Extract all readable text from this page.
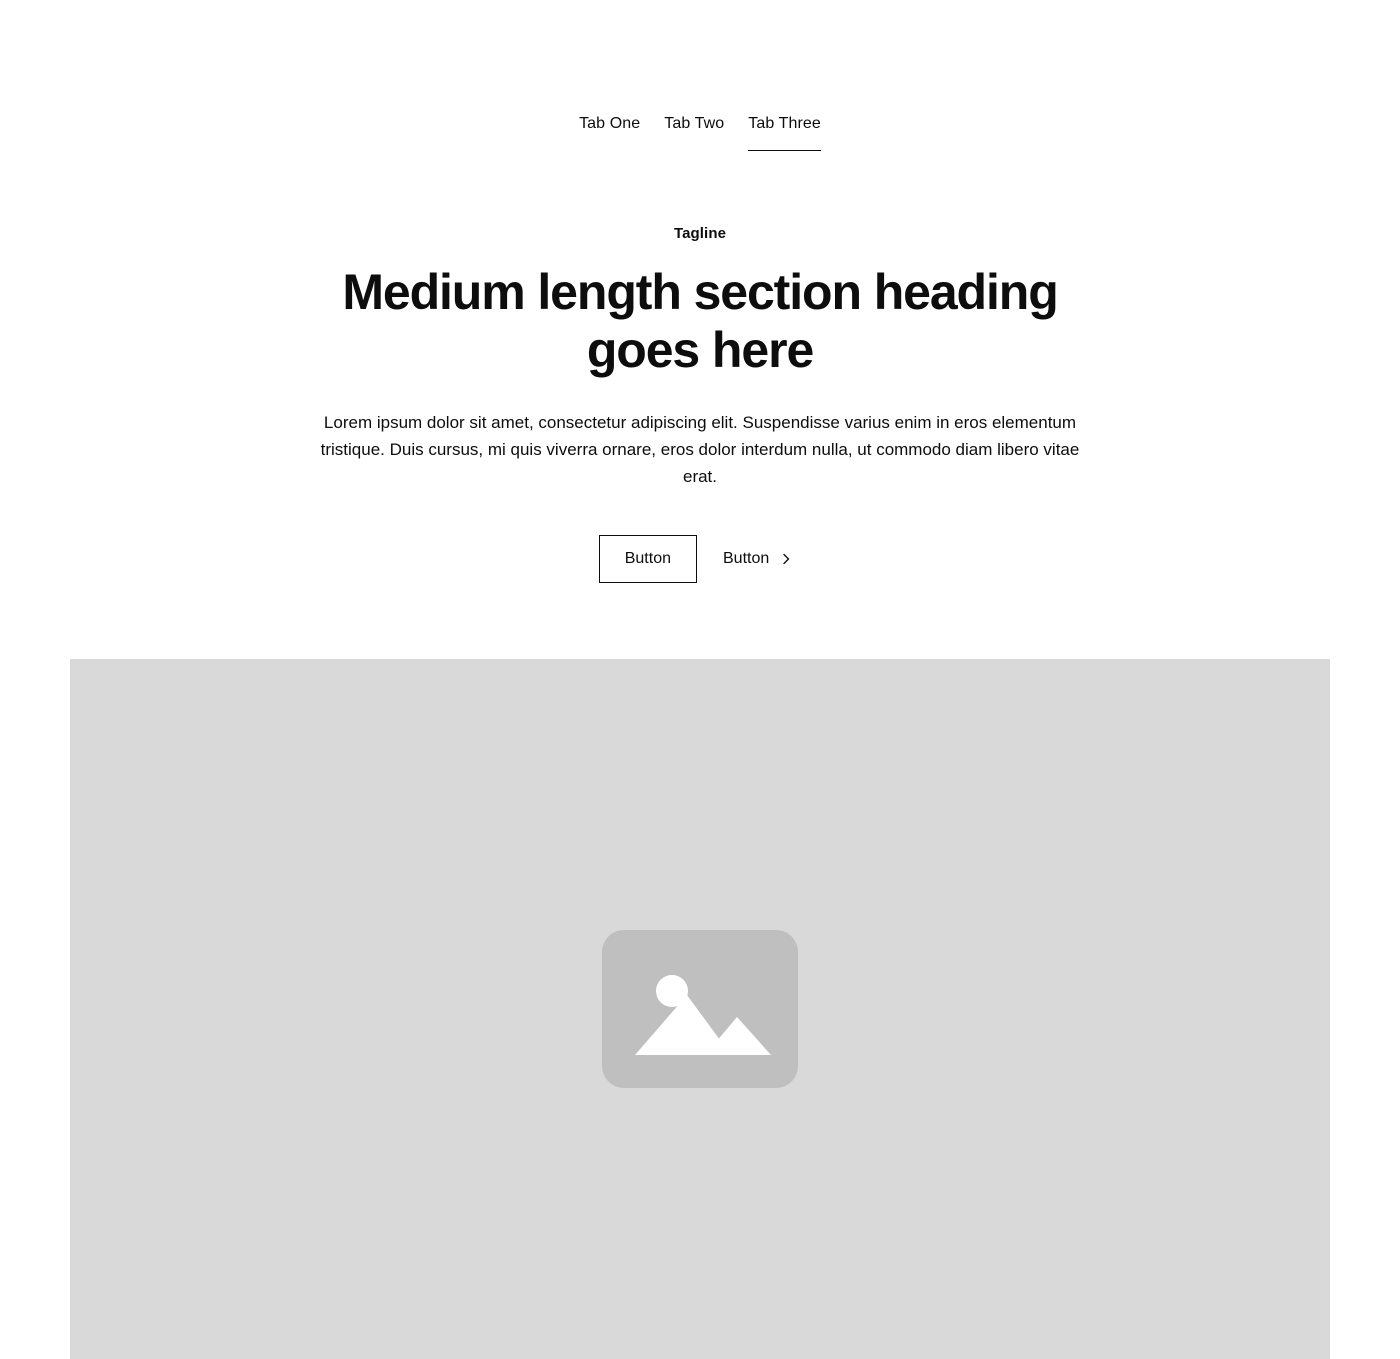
Tab One Tab Two Tab Three

Tagline

Medium length section heading goes here

Lorem ipsum dolor sit amet, consectetur adipiscing elit. Suspendisse varius enim in eros elementum tristique. Duis cursus, mi quis viverra ornare, eros dolor interdum nulla, ut commodo diam libero vitae erat.

Button	Button
